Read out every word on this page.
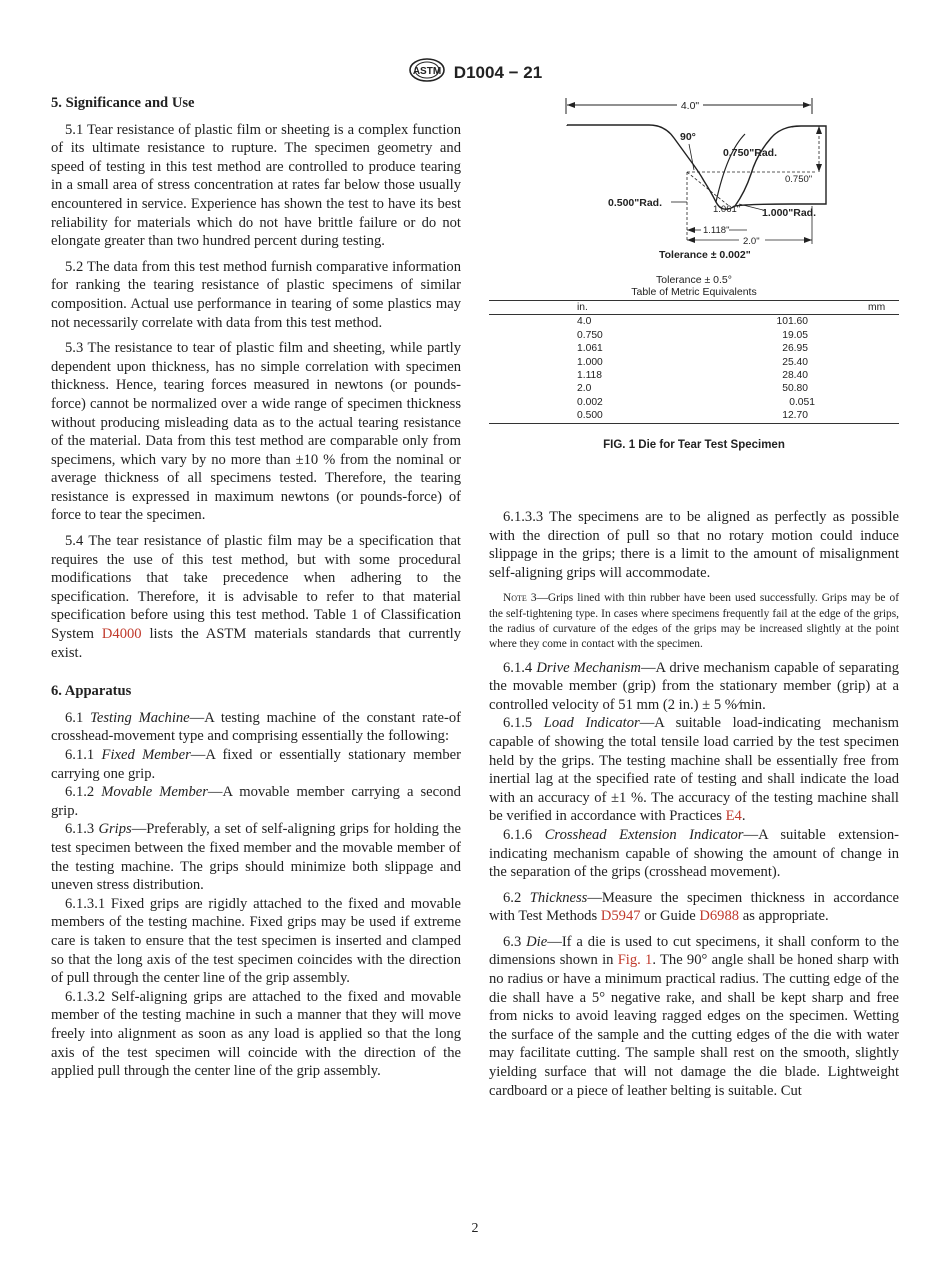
ASTM D1004 − 21
4.0"
90°
0.750"Rad.
0.750"
0.500"Rad.
1.061" 1.000"Rad.
1.118"
2.0"
Tolerance ± 0.002"
Tolerance ± 0.5°
Table of Metric Equivalents
in.	mm
4.0	101.60
0.750	19.05
1.061	26.95
1.000	25.40
1.118	28.40
2.0	50.80
0.002	0.051
0.500	12.70
FIG. 1 Die for Tear Test Specimen

5. Significance and Use

5.1 Tear resistance of plastic film or sheeting is a complex function of its ultimate resistance to rupture. The specimen geometry and speed of testing in this test method are controlled to produce tearing in a small area of stress concentration at rates far below those usually encountered in service. Experience has shown the test to have its best reliability for materials which do not have brittle failure or do not elongate greater than two hundred percent during testing.

5.2 The data from this test method furnish comparative information for ranking the tearing resistance of plastic specimens of similar composition. Actual use performance in tearing of some plastics may not necessarily correlate with data from this test method.

5.3 The resistance to tear of plastic film and sheeting, while partly dependent upon thickness, has no simple correlation with specimen thickness. Hence, tearing forces measured in newtons (or pounds-force) cannot be normalized over a wide range of specimen thickness without producing misleading data as to the actual tearing resistance of the material. Data from this test method are comparable only from specimens, which vary by no more than ±10 % from the nominal or average thickness of all specimens tested. Therefore, the tearing resistance is expressed in maximum newtons (or pounds-force) of force to tear the specimen.

5.4 The tear resistance of plastic film may be a specification that requires the use of this test method, but with some procedural modifications that take precedence when adhering to the specification. Therefore, it is advisable to refer to that material specification before using this test method. Table 1 of Classification System D4000 lists the ASTM materials standards that currently exist.

6. Apparatus

6.1 Testing Machine—A testing machine of the constant rate-of crosshead-movement type and comprising essentially the following:

6.1.1 Fixed Member—A fixed or essentially stationary member carrying one grip.

6.1.2 Movable Member—A movable member carrying a second grip.

6.1.3 Grips—Preferably, a set of self-aligning grips for holding the test specimen between the fixed member and the movable member of the testing machine. The grips should minimize both slippage and uneven stress distribution.

6.1.3.1 Fixed grips are rigidly attached to the fixed and movable members of the testing machine. Fixed grips may be used if extreme care is taken to ensure that the test specimen is inserted and clamped so that the long axis of the test specimen coincides with the direction of pull through the center line of the grip assembly.

6.1.3.2 Self-aligning grips are attached to the fixed and movable member of the testing machine in such a manner that they will move freely into alignment as soon as any load is applied so that the long axis of the test specimen will coincide with the direction of the applied pull through the center line of the grip assembly.

6.1.3.3 The specimens are to be aligned as perfectly as possible with the direction of pull so that no rotary motion could induce slippage in the grips; there is a limit to the amount of misalignment self-aligning grips will accommodate.

Note 3—Grips lined with thin rubber have been used successfully. Grips may be of the self-tightening type. In cases where specimens frequently fail at the edge of the grips, the radius of curvature of the edges of the grips may be increased slightly at the point where they come in contact with the specimen.

6.1.4 Drive Mechanism—A drive mechanism capable of separating the movable member (grip) from the stationary member (grip) at a controlled velocity of 51 mm (2 in.) ± 5 %⁄min.

6.1.5 Load Indicator—A suitable load-indicating mechanism capable of showing the total tensile load carried by the test specimen held by the grips. The testing machine shall be essentially free from inertial lag at the specified rate of testing and shall indicate the load with an accuracy of ±1 %. The accuracy of the testing machine shall be verified in accordance with Practices E4.

6.1.6 Crosshead Extension Indicator—A suitable extension-indicating mechanism capable of showing the amount of change in the separation of the grips (crosshead movement).

6.2 Thickness—Measure the specimen thickness in accordance with Test Methods D5947 or Guide D6988 as appropriate.

6.3 Die—If a die is used to cut specimens, it shall conform to the dimensions shown in Fig. 1. The 90° angle shall be honed sharp with no radius or have a minimum practical radius. The cutting edge of the die shall have a 5° negative rake, and shall be kept sharp and free from nicks to avoid leaving ragged edges on the specimen. Wetting the surface of the sample and the cutting edges of the die with water may facilitate cutting. The sample shall rest on the smooth, slightly yielding surface that will not damage the die blade. Lightweight cardboard or a piece of leather belting is suitable. Cut

2
